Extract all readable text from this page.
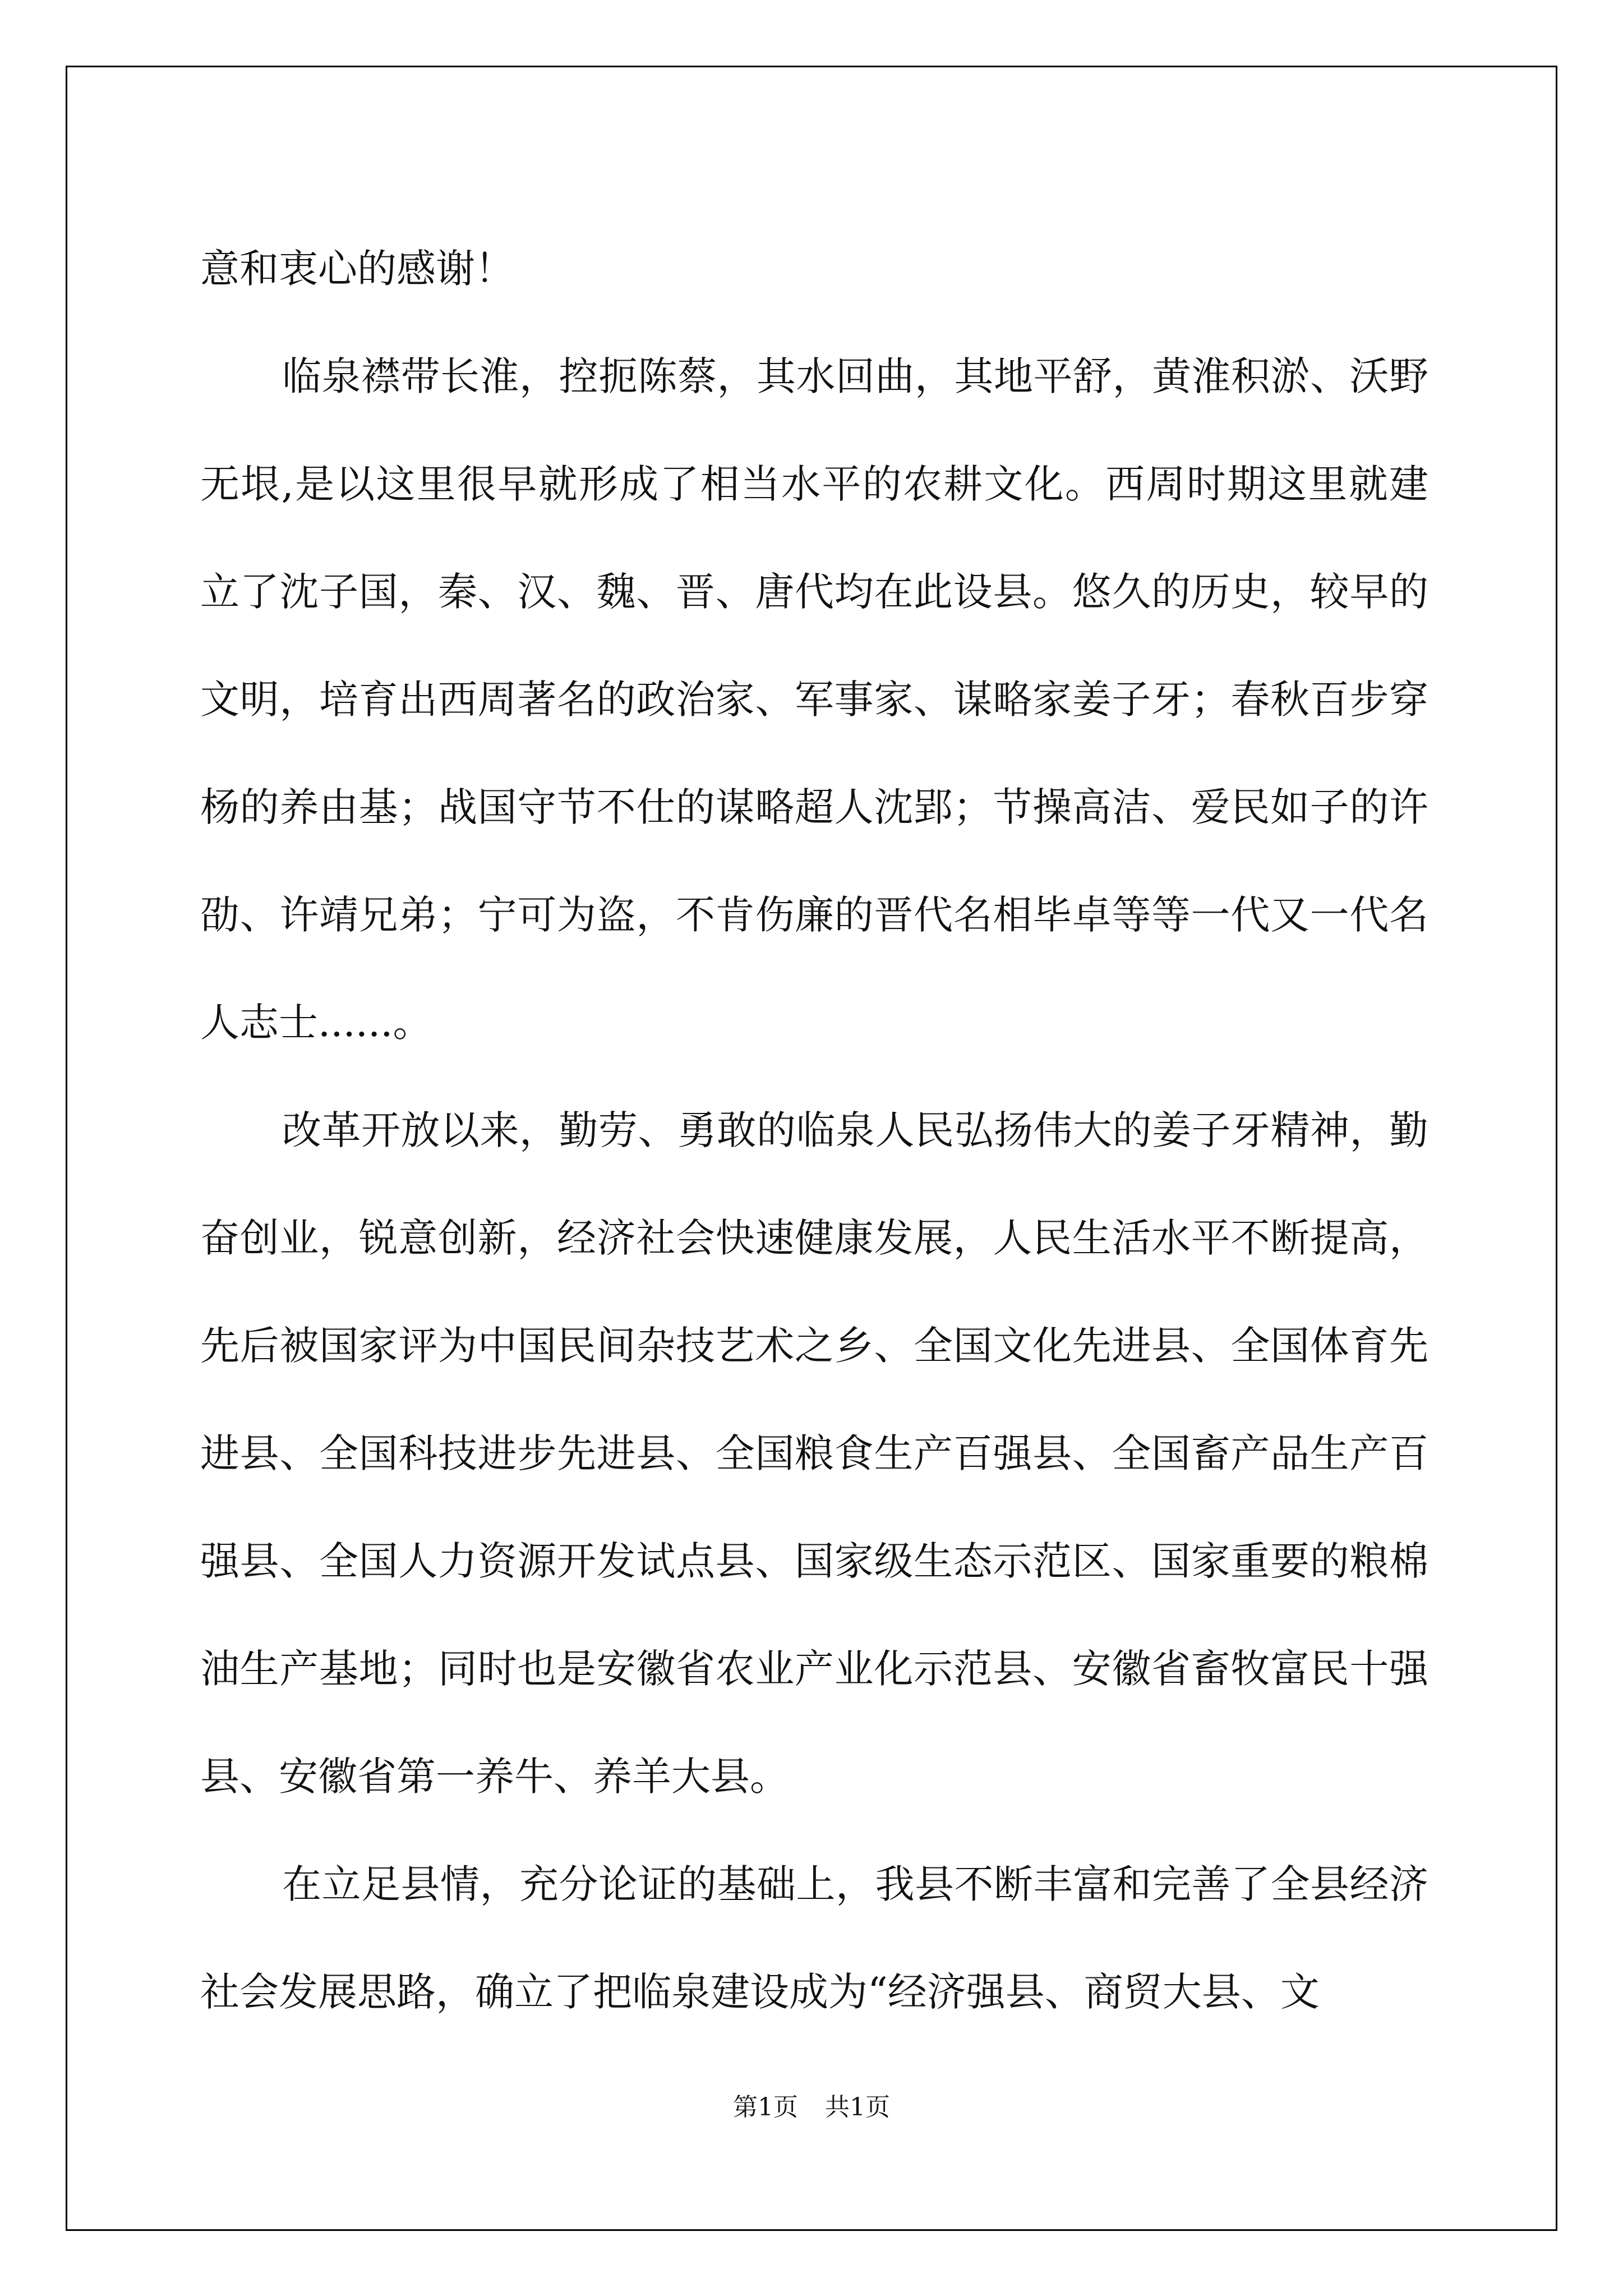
意和衷心的感谢！

临泉襟带长淮，控扼陈蔡，其水回曲，其地平舒，黄淮积淤、沃野无垠,是以这里很早就形成了相当水平的农耕文化。西周时期这里就建立了沈子国，秦、汉、魏、晋、唐代均在此设县。悠久的历史，较早的文明，培育出西周著名的政治家、军事家、谋略家姜子牙；春秋百步穿杨的养由基；战国守节不仕的谋略超人沈郢；节操高洁、爱民如子的许劭、许靖兄弟；宁可为盗，不肯伤廉的晋代名相毕卓等等一代又一代名人志士......。

改革开放以来，勤劳、勇敢的临泉人民弘扬伟大的姜子牙精神，勤奋创业，锐意创新，经济社会快速健康发展，人民生活水平不断提高，先后被国家评为中国民间杂技艺术之乡、全国文化先进县、全国体育先进县、全国科技进步先进县、全国粮食生产百强县、全国畜产品生产百强县、全国人力资源开发试点县、国家级生态示范区、国家重要的粮棉油生产基地；同时也是安徽省农业产业化示范县、安徽省畜牧富民十强县、安徽省第一养牛、养羊大县。

在立足县情，充分论证的基础上，我县不断丰富和完善了全县经济社会发展思路，确立了把临泉建设成为“经济强县、商贸大县、文

第1页 共1页
